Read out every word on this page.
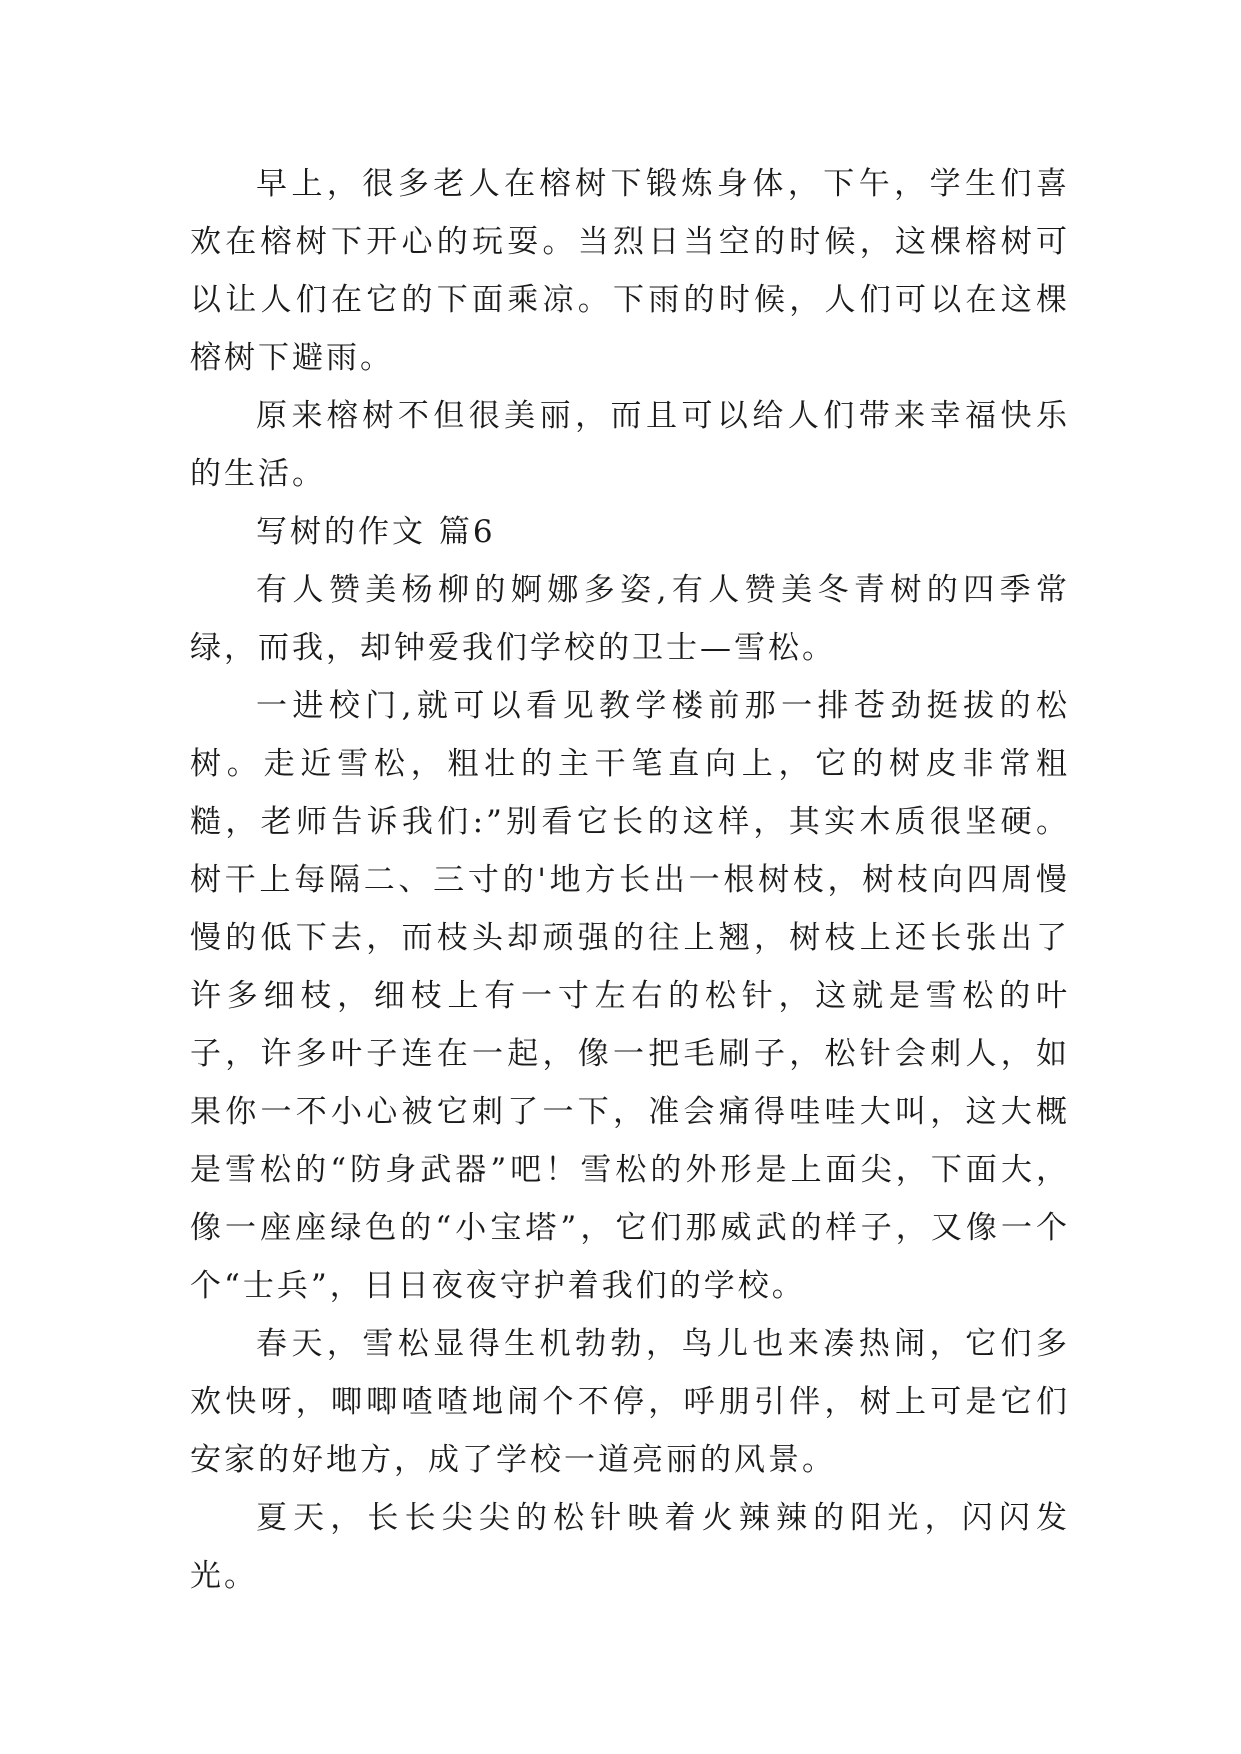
早上，很多老人在榕树下锻炼身体，下午，学生们喜欢在榕树下开心的玩耍。当烈日当空的时候，这棵榕树可以让人们在它的下面乘凉。下雨的时候，人们可以在这棵榕树下避雨。

原来榕树不但很美丽，而且可以给人们带来幸福快乐的生活。

写树的作文 篇6

有人赞美杨柳的婀娜多姿,有人赞美冬青树的四季常绿，而我，却钟爱我们学校的卫士—雪松。

一进校门,就可以看见教学楼前那一排苍劲挺拔的松树。走近雪松，粗壮的主干笔直向上，它的树皮非常粗糙，老师告诉我们:”别看它长的这样，其实木质很坚硬。树干上每隔二、三寸的'地方长出一根树枝，树枝向四周慢慢的低下去，而枝头却顽强的往上翘，树枝上还长张出了许多细枝，细枝上有一寸左右的松针，这就是雪松的叶子，许多叶子连在一起，像一把毛刷子，松针会刺人，如果你一不小心被它刺了一下，准会痛得哇哇大叫，这大概是雪松的“防身武器”吧！雪松的外形是上面尖，下面大，像一座座绿色的“小宝塔”，它们那威武的样子，又像一个个“士兵”，日日夜夜守护着我们的学校。

春天，雪松显得生机勃勃，鸟儿也来凑热闹，它们多欢快呀，唧唧喳喳地闹个不停，呼朋引伴，树上可是它们安家的好地方，成了学校一道亮丽的风景。

夏天，长长尖尖的松针映着火辣辣的阳光，闪闪发光。
